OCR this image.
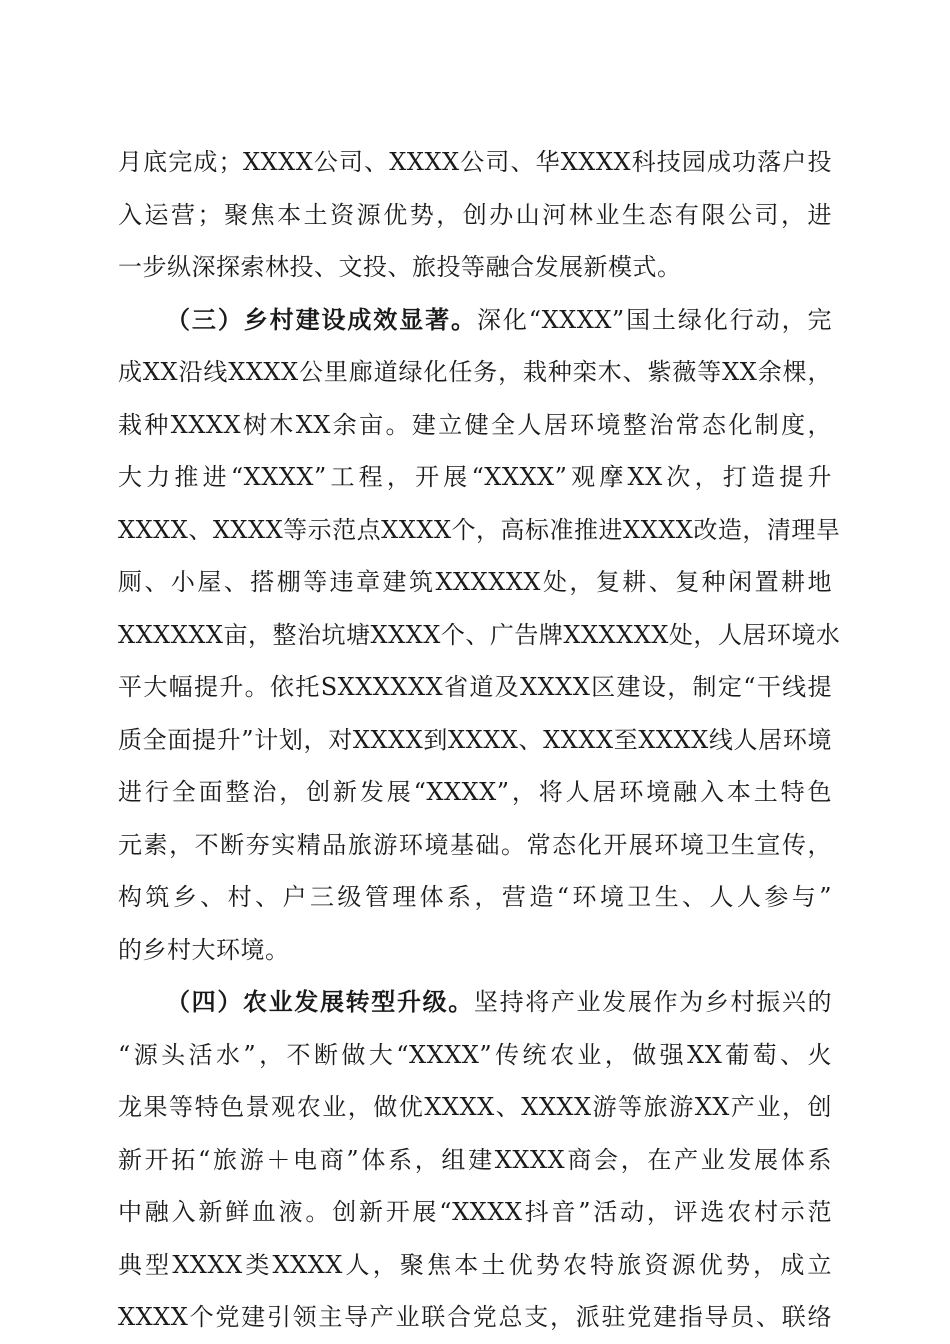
月底完成；XXXX公司、XXXX公司、华XXXX科技园成功落户投
入运营；聚焦本土资源优势，创办山河林业生态有限公司，进
一步纵深探索林投、文投、旅投等融合发展新模式。
（三）乡村建设成效显著。深化“XXXX”国土绿化行动，完
成XX沿线XXXX公里廊道绿化任务，栽种栾木、紫薇等XX余棵，
栽种XXXX树木XX余亩。建立健全人居环境整治常态化制度，
大力推进“XXXX”工程，开展“XXXX”观摩XX次，打造提升
XXXX、XXXX等示范点XXXX个，高标准推进XXXX改造，清理旱
厕、小屋、搭棚等违章建筑XXXXXX处，复耕、复种闲置耕地
XXXXXX亩，整治坑塘XXXX个、广告牌XXXXXX处，人居环境水
平大幅提升。依托SXXXXXX省道及XXXX区建设，制定“干线提
质全面提升”计划，对XXXX到XXXX、XXXX至XXXX线人居环境
进行全面整治，创新发展“XXXX”，将人居环境融入本土特色
元素，不断夯实精品旅游环境基础。常态化开展环境卫生宣传，
构筑乡、村、户三级管理体系，营造“环境卫生、人人参与”
的乡村大环境。
（四）农业发展转型升级。坚持将产业发展作为乡村振兴的
“源头活水”，不断做大“XXXX”传统农业，做强XX葡萄、火
龙果等特色景观农业，做优XXXX、XXXX游等旅游XX产业，创
新开拓“旅游＋电商”体系，组建XXXX商会，在产业发展体系
中融入新鲜血液。创新开展“XXXX抖音”活动，评选农村示范
典型XXXX类XXXX人，聚焦本土优势农特旅资源优势，成立
XXXX个党建引领主导产业联合党总支，派驻党建指导员、联络
